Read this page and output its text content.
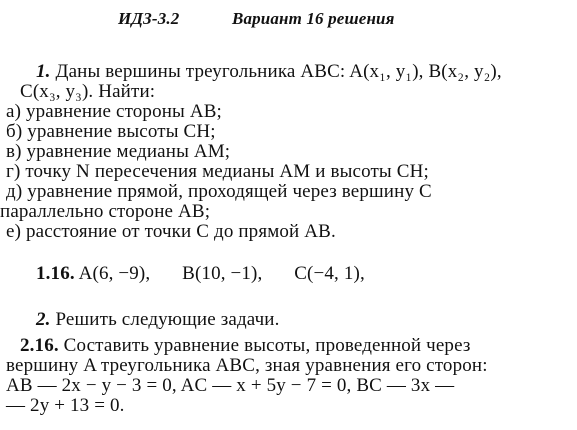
ИДЗ-3.2	Вариант 16 решения
1. Даны вершины треугольника ABC: A(x₁, y₁), B(x₂, y₂),
C(x₃, y₃). Найти:
а) уравнение стороны AB;
б) уравнение высоты CH;
в) уравнение медианы AM;
г) точку N пересечения медианы AM и высоты CH;
д) уравнение прямой, проходящей через вершину C
параллельно стороне AB;
е) расстояние от точки C до прямой AB.
1.16. A(6, −9), B(10, −1), C(−4, 1),
2. Решить следующие задачи.
2.16. Составить уравнение высоты, проведенной через
вершину A треугольника ABC, зная уравнения его сторон:
AB — 2x − y − 3 = 0, AC — x + 5y − 7 = 0, BC — 3x —
— 2y + 13 = 0.
